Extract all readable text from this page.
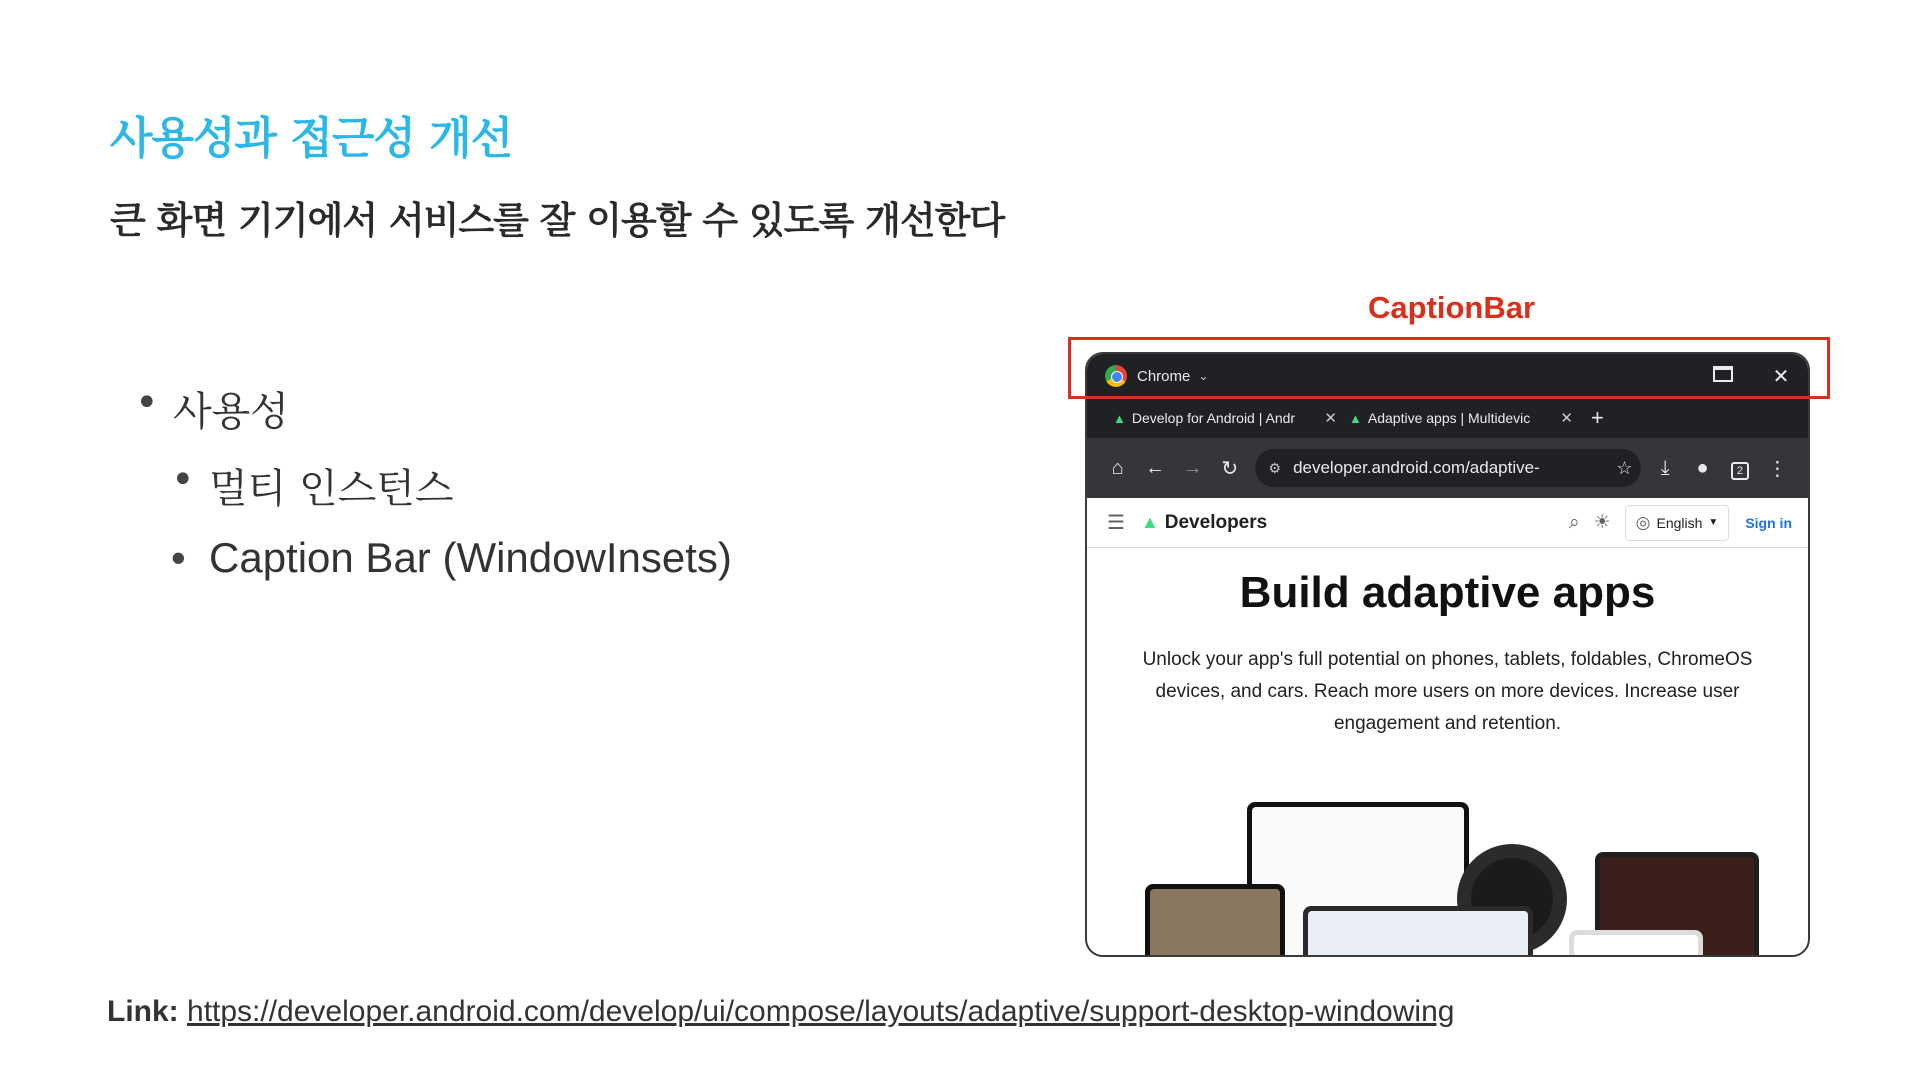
사용성과 접근성 개선
큰 화면 기기에서 서비스를 잘 이용할 수 있도록 개선한다
• 사용성
• 멀티 인스턴스
• Caption Bar (WindowInsets)
CaptionBar
Chrome ⌄	✕
▲ Develop for Android | Andr	✕ ▲ Adaptive apps | Multidevic	✕ +
⌂	← → ↻	⚙ developer.android.com/adaptive-	☆	⤓	●	2	⋮
☰ ▲ Developers	⌕ ☀ ◎ English ▼ Sign in
Build adaptive apps
Unlock your app's full potential on phones, tablets, foldables, ChromeOS devices, and cars. Reach more users on more devices. Increase user engagement and retention.
Link: https://developer.android.com/develop/ui/compose/layouts/adaptive/support-desktop-windowing
